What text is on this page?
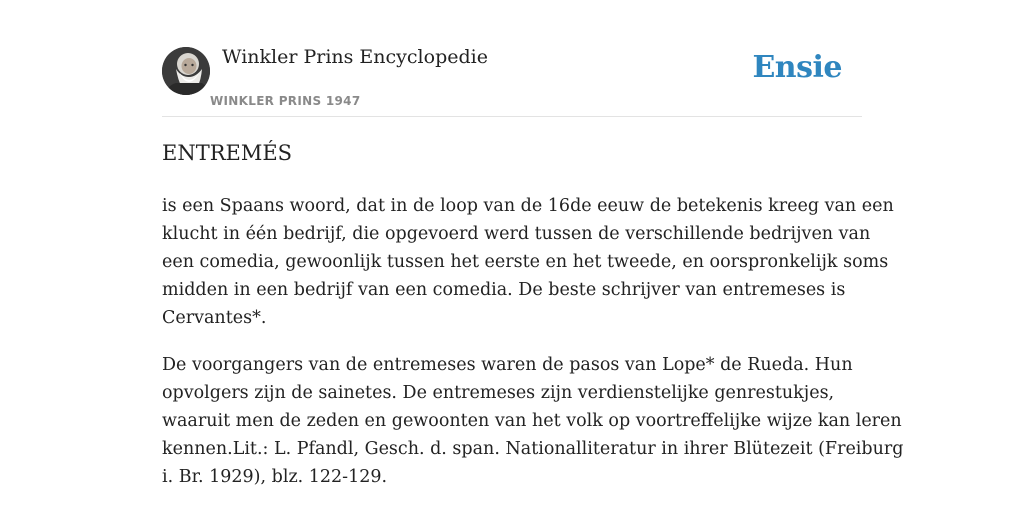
Winkler Prins Encyclopedie
WINKLER PRINS 1947
Ensie
ENTREMÉS

is een Spaans woord, dat in de loop van de 16de eeuw de betekenis kreeg van een
klucht in één bedrijf, die opgevoerd werd tussen de verschillende bedrijven van
een comedia, gewoonlijk tussen het eerste en het tweede, en oorspronkelijk soms
midden in een bedrijf van een comedia. De beste schrijver van entremeses is
Cervantes*.

De voorgangers van de entremeses waren de pasos van Lope* de Rueda. Hun
opvolgers zijn de sainetes. De entremeses zijn verdienstelijke genrestukjes,
waaruit men de zeden en gewoonten van het volk op voortreffelijke wijze kan leren
kennen.Lit.: L. Pfandl, Gesch. d. span. Nationalliteratur in ihrer Blütezeit (Freiburg
i. Br. 1929), blz. 122-129.
